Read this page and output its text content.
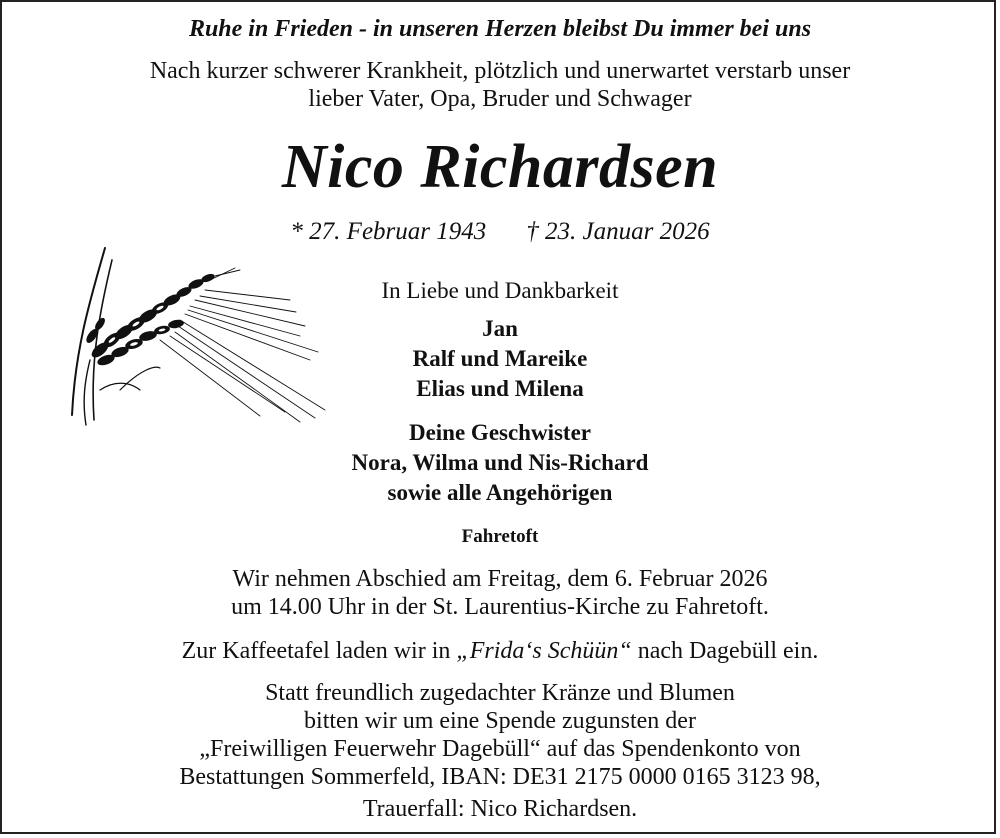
Ruhe in Frieden - in unseren Herzen bleibst Du immer bei uns
Nach kurzer schwerer Krankheit, plötzlich und unerwartet verstarb unser
lieber Vater, Opa, Bruder und Schwager
Nico Richardsen
* 27. Februar 1943 † 23. Januar 2026
In Liebe und Dankbarkeit
Jan
Ralf und Mareike
Elias und Milena
Deine Geschwister
Nora, Wilma und Nis-Richard
sowie alle Angehörigen
Fahretoft
Wir nehmen Abschied am Freitag, dem 6. Februar 2026
um 14.00 Uhr in der St. Laurentius-Kirche zu Fahretoft.
Zur Kaffeetafel laden wir in „Frida‘s Schüün“ nach Dagebüll ein.
Statt freundlich zugedachter Kränze und Blumen
bitten wir um eine Spende zugunsten der
„Freiwilligen Feuerwehr Dagebüll“ auf das Spendenkonto von
Bestattungen Sommerfeld, IBAN: DE31 2175 0000 0165 3123 98,
Trauerfall: Nico Richardsen.
